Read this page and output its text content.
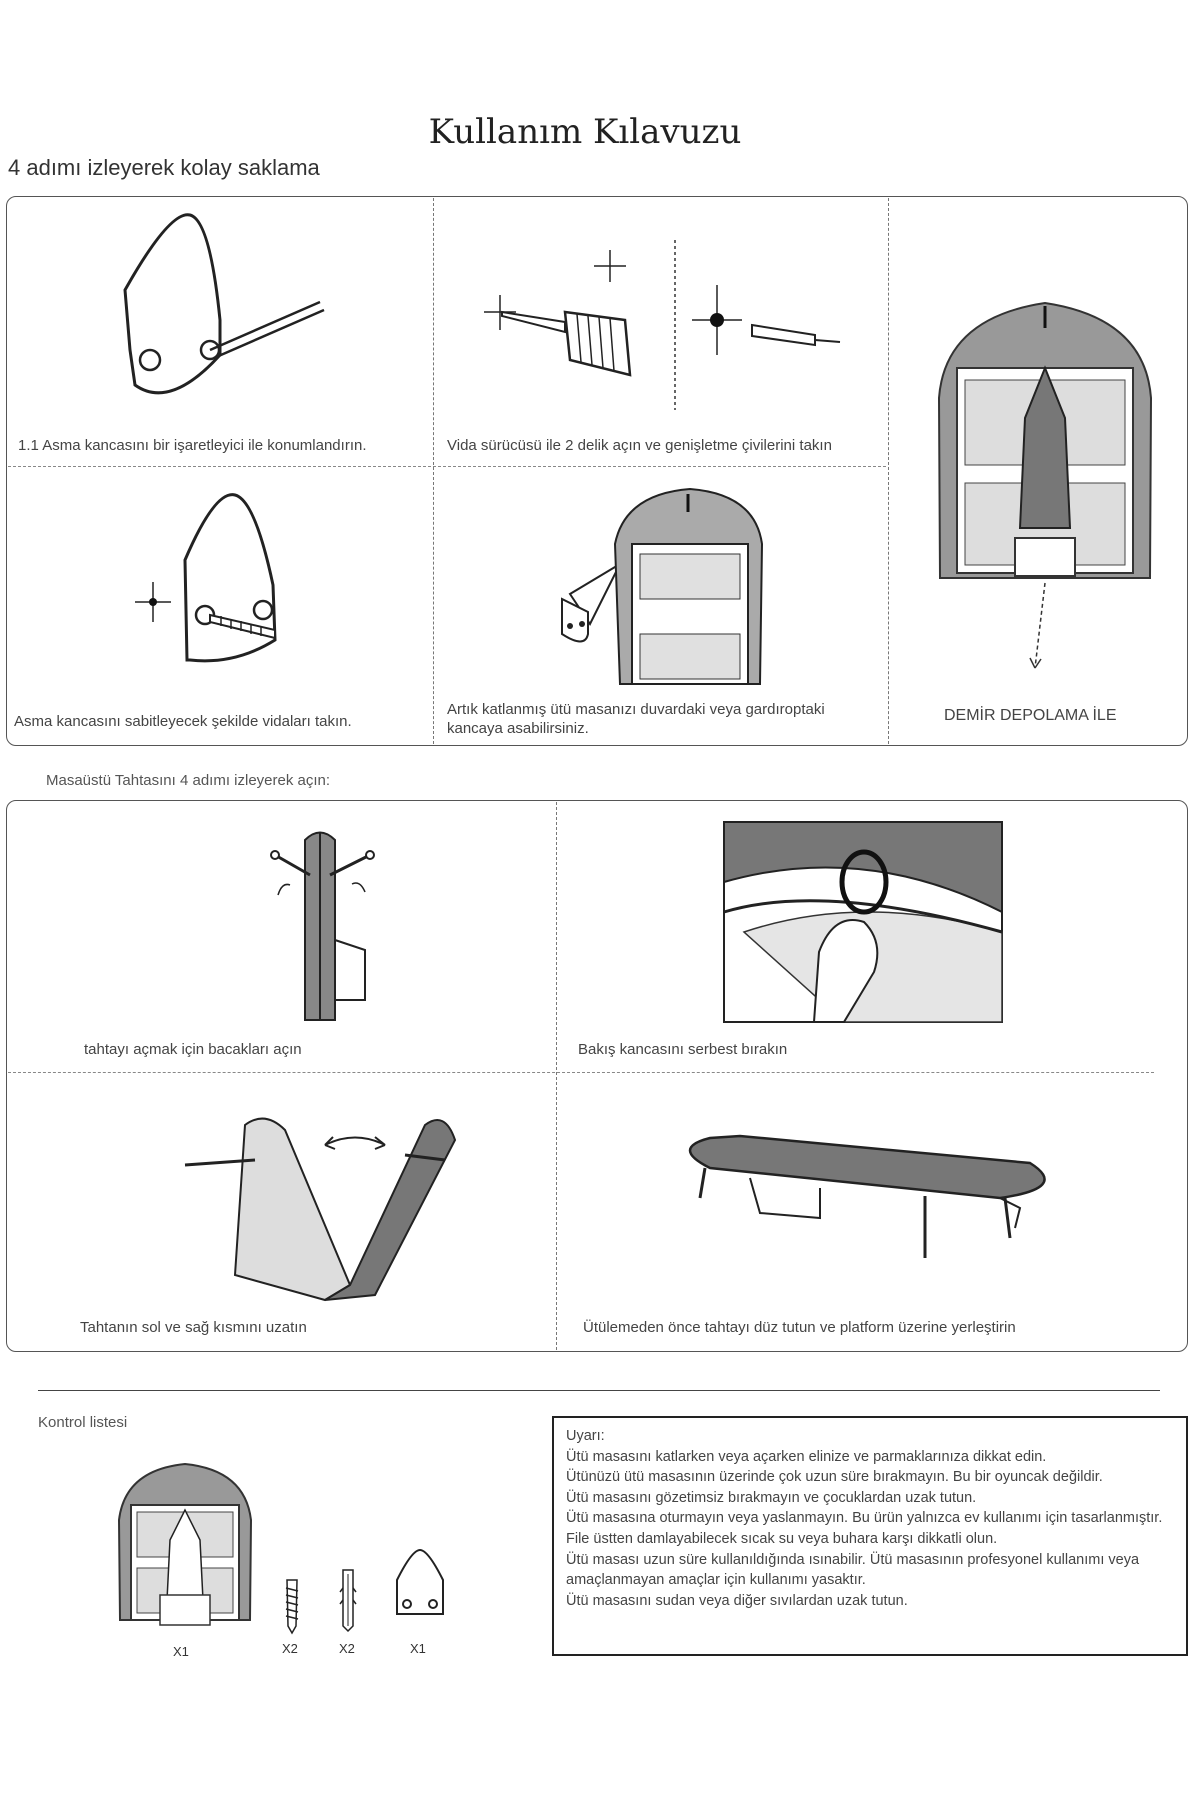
Kullanım Kılavuzu
4 adımı izleyerek kolay saklama
1.1 Asma kancasını bir işaretleyici ile konumlandırın.	Vida sürücüsü ile 2 delik açın ve genişletme çivilerini takın
Asma kancasını sabitleyecek şekilde vidaları takın.
Artık katlanmış ütü masanızı duvardaki veya gardıroptaki kancaya asabilirsiniz.
DEMİR DEPOLAMA İLE
Masaüstü Tahtasını 4 adımı izleyerek açın:
tahtayı açmak için bacakları açın	Bakış kancasını serbest bırakın
Tahtanın sol ve sağ kısmını uzatın	Ütülemeden önce tahtayı düz tutun ve platform üzerine yerleştirin
Kontrol listesi
X1	X2	X2	X1
Uyarı:
Ütü masasını katlarken veya açarken elinize ve parmaklarınıza dikkat edin.
Ütünüzü ütü masasının üzerinde çok uzun süre bırakmayın. Bu bir oyuncak değildir.
Ütü masasını gözetimsiz bırakmayın ve çocuklardan uzak tutun.
Ütü masasına oturmayın veya yaslanmayın. Bu ürün yalnızca ev kullanımı için tasarlanmıştır.
File üstten damlayabilecek sıcak su veya buhara karşı dikkatli olun.
Ütü masası uzun süre kullanıldığında ısınabilir. Ütü masasının profesyonel kullanımı veya amaçlanmayan amaçlar için kullanımı yasaktır.
Ütü masasını sudan veya diğer sıvılardan uzak tutun.
